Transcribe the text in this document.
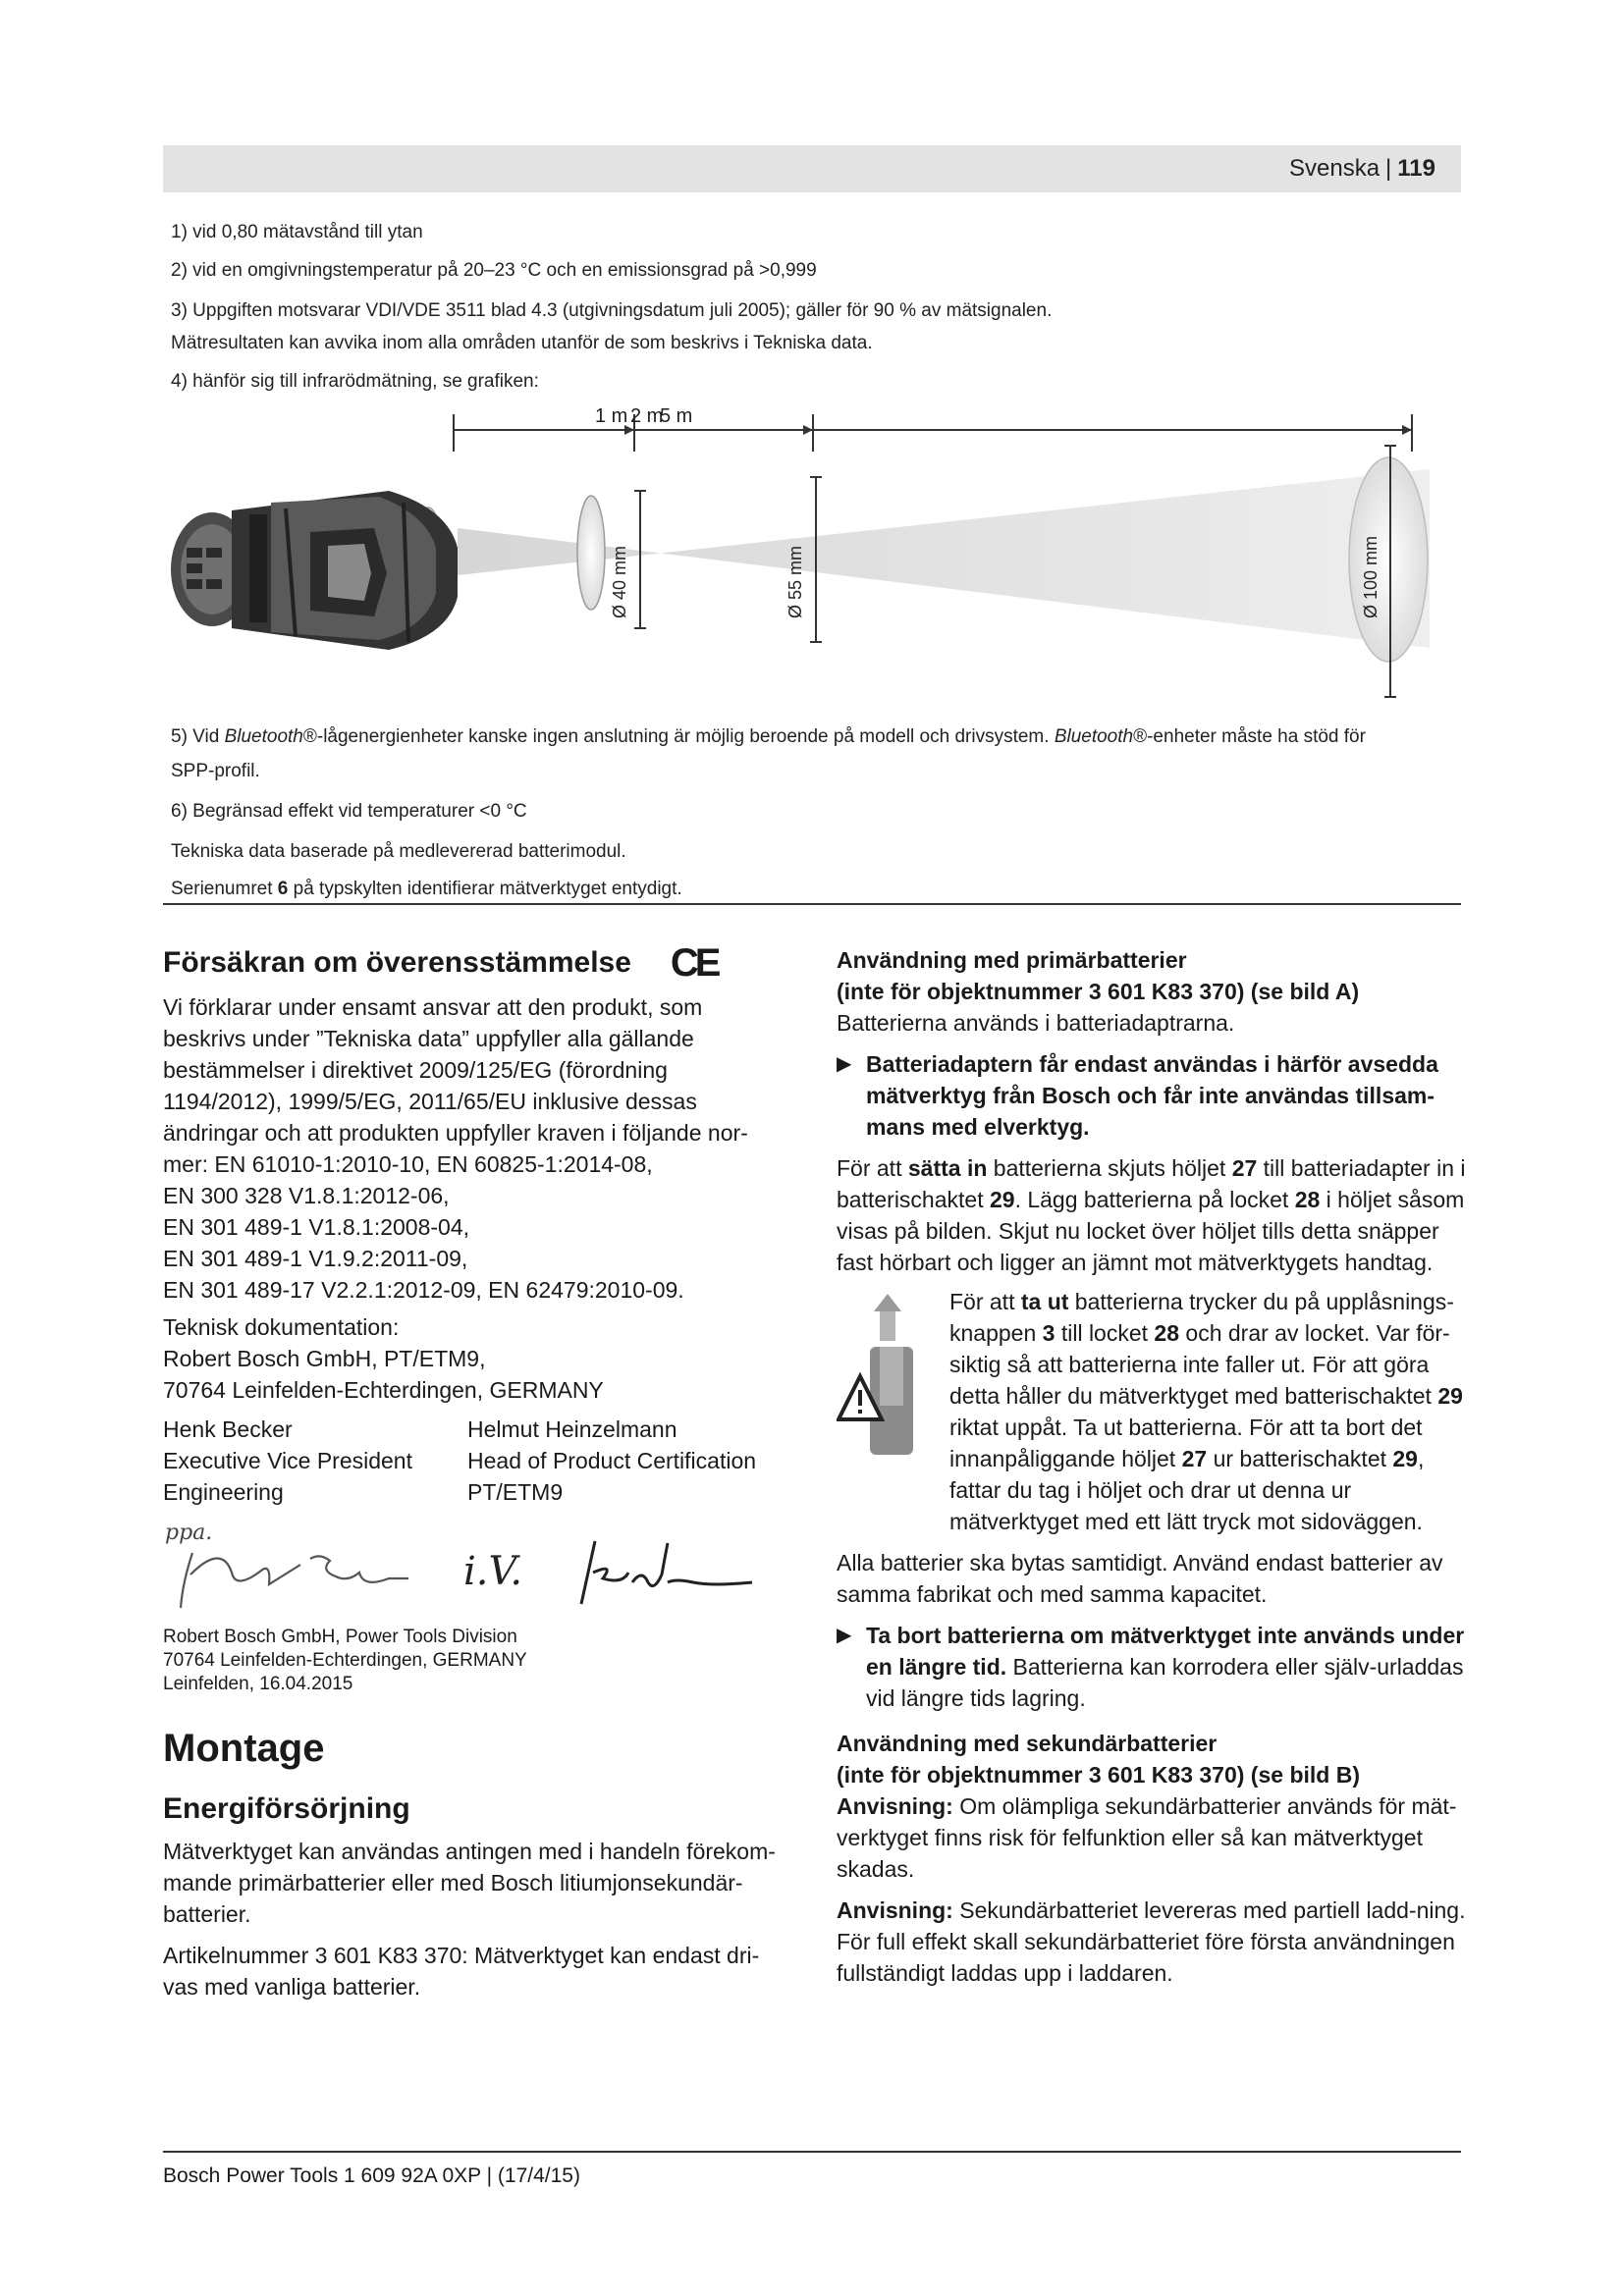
Svenska | 119
1) vid 0,80 mätavstånd till ytan
2) vid en omgivningstemperatur på 20–23 °C och en emissionsgrad på >0,999
3) Uppgiften motsvarar VDI/VDE 3511 blad 4.3 (utgivningsdatum juli 2005); gäller för 90 % av mätsignalen.
Mätresultaten kan avvika inom alla områden utanför de som beskrivs i Tekniska data.
4) hänför sig till infrarödmätning, se grafiken:
1 m 2 m
5 m
Ø 40 mm	Ø 55 mm	Ø 100 mm
5) Vid Bluetooth®-lågenergienheter kanske ingen anslutning är möjlig beroende på modell och drivsystem. Bluetooth®-enheter måste ha stöd för
SPP-profil.
6) Begränsad effekt vid temperaturer <0 °C
Tekniska data baserade på medlevererad batterimodul.
Serienumret 6 på typskylten identifierar mätverktyget entydigt.

Försäkran om överensstämmelse CE

Vi förklarar under ensamt ansvar att den produkt, som beskrivs under ”Tekniska data” uppfyller alla gällande bestämmelser i direktivet 2009/125/EG (förordning 1194/2012), 1999/5/EG, 2011/65/EU inklusive dessas ändringar och att produkten uppfyller kraven i följande nor-mer: EN 61010-1:2010-10, EN 60825-1:2014-08,

EN 300 328 V1.8.1:2012-06,

EN 301 489-1 V1.8.1:2008-04,

EN 301 489-1 V1.9.2:2011-09,

EN 301 489-17 V2.2.1:2012-09, EN 62479:2010-09.

Teknisk dokumentation:

Robert Bosch GmbH, PT/ETM9,

70764 Leinfelden-Echterdingen, GERMANY

Henk Becker	Helmut Heinzelmann
Executive Vice President	Head of Product Certification
Engineering	PT/ETM9
ppa.
i.V.

Robert Bosch GmbH, Power Tools Division

70764 Leinfelden-Echterdingen, GERMANY

Leinfelden, 16.04.2015

Montage

Energiförsörjning

Mätverktyget kan användas antingen med i handeln förekom-mande primärbatterier eller med Bosch litiumjonsekundär-batterier.

Artikelnummer 3 601 K83 370: Mätverktyget kan endast dri-vas med vanliga batterier.

Användning med primärbatterier

(inte för objektnummer 3 601 K83 370) (se bild A)

Batterierna används i batteriadaptrarna.

▶ Batteriadaptern får endast användas i härför avsedda mätverktyg från Bosch och får inte användas tillsam-mans med elverktyg.

För att sätta in batterierna skjuts höljet 27 till batteriadapter in i batterischaktet 29. Lägg batterierna på locket 28 i höljet såsom visas på bilden. Skjut nu locket över höljet tills detta snäpper fast hörbart och ligger an jämnt mot mätverktygets handtag.

För att ta ut batterierna trycker du på upplåsnings-knappen 3 till locket 28 och drar av locket. Var för-siktig så att batterierna inte faller ut. För att göra detta håller du mätverktyget med batterischaktet 29 riktat uppåt. Ta ut batterierna. För att ta bort det innanpåliggande höljet 27 ur batterischaktet 29, fattar du tag i höljet och drar ut denna ur mätverktyget med ett lätt tryck mot sidoväggen.

Alla batterier ska bytas samtidigt. Använd endast batterier av samma fabrikat och med samma kapacitet.

▶ Ta bort batterierna om mätverktyget inte används under en längre tid. Batterierna kan korrodera eller själv-urladdas vid längre tids lagring.

Användning med sekundärbatterier

(inte för objektnummer 3 601 K83 370) (se bild B)

Anvisning: Om olämpliga sekundärbatterier används för mät-verktyget finns risk för felfunktion eller så kan mätverktyget skadas.

Anvisning: Sekundärbatteriet levereras med partiell ladd-ning. För full effekt skall sekundärbatteriet före första användningen fullständigt laddas upp i laddaren.

Bosch Power Tools 1 609 92A 0XP | (17/4/15)
